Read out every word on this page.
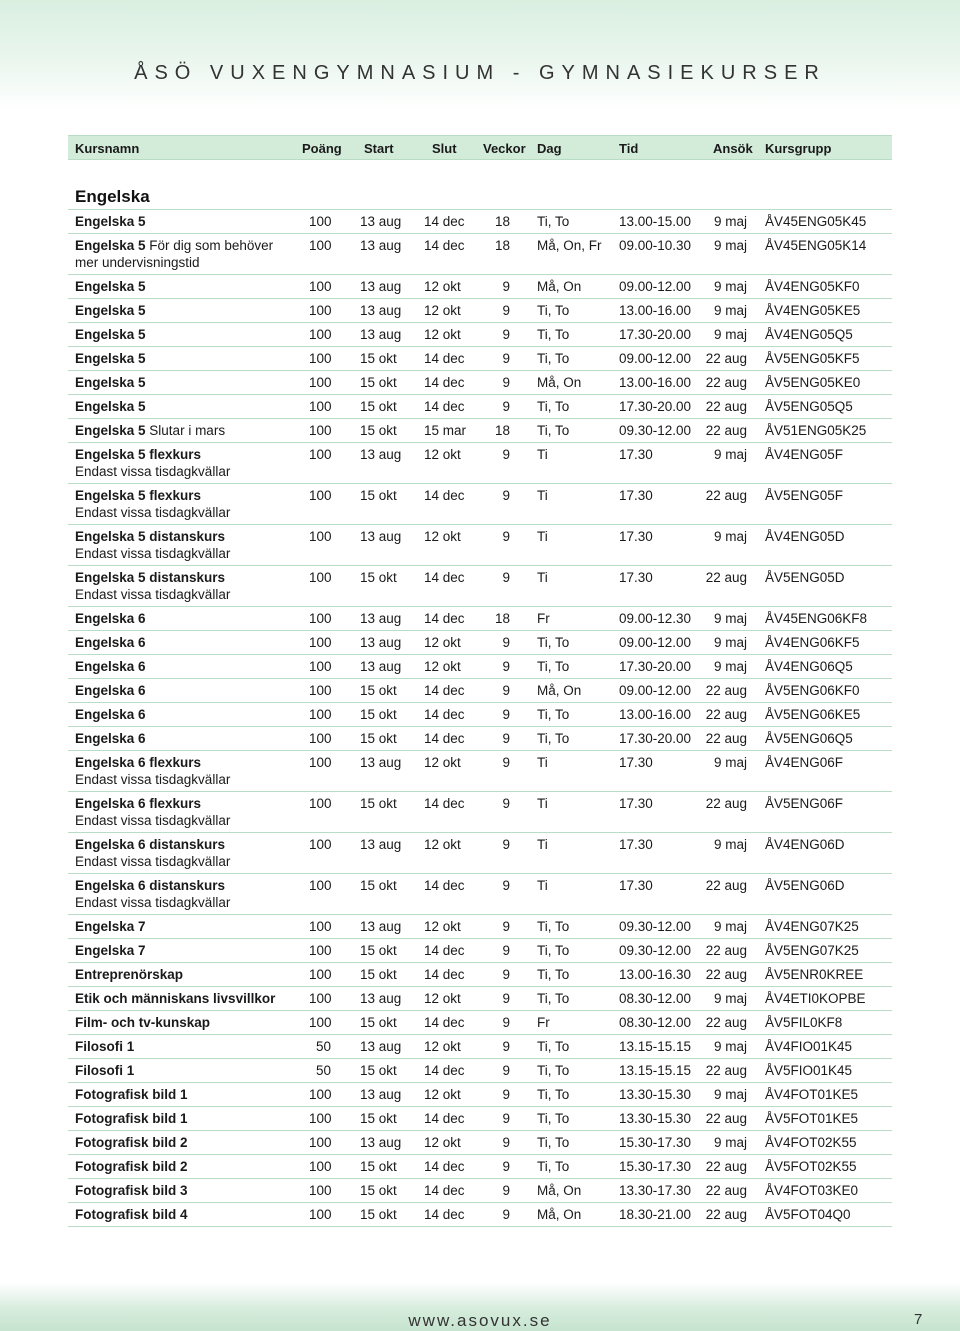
ÅSÖ VUXENGYMNASIUM - GYMNASIEKURSER
Kursnamn	Poäng Start	Slut Veckor Dag	Tid	Ansök Kursgrupp
Engelska
Engelska 5	100 13 aug 14 dec	18 Ti, To	13.00-15.00	9 maj ÅV45ENG05K45
Engelska 5 För dig som behöver
mer undervisningstid
100 13 aug 14 dec	18 Må, On, Fr 09.00-10.30	9 maj ÅV45ENG05K14
Engelska 5	100 13 aug 12 okt	9 Må, On	09.00-12.00	9 maj ÅV4ENG05KF0
Engelska 5	100 13 aug 12 okt	9 Ti, To	13.00-16.00	9 maj ÅV4ENG05KE5
Engelska 5	100 13 aug 12 okt	9 Ti, To	17.30-20.00	9 maj ÅV4ENG05Q5
Engelska 5	100 15 okt 14 dec	9 Ti, To	09.00-12.00	22 aug ÅV5ENG05KF5
Engelska 5	100 15 okt 14 dec	9 Må, On	13.00-16.00	22 aug ÅV5ENG05KE0
Engelska 5	100 15 okt 14 dec	9 Ti, To	17.30-20.00	22 aug ÅV5ENG05Q5
Engelska 5 Slutar i mars	100 15 okt 15 mar	18 Ti, To	09.30-12.00	22 aug ÅV51ENG05K25
Engelska 5 flexkurs
Endast vissa tisdagkvällar
100 13 aug 12 okt	9 Ti	17.30	9 maj ÅV4ENG05F
Engelska 5 flexkurs
Endast vissa tisdagkvällar
100 15 okt 14 dec	9 Ti	17.30	22 aug ÅV5ENG05F
Engelska 5 distanskurs
Endast vissa tisdagkvällar
100 13 aug 12 okt	9 Ti	17.30	9 maj ÅV4ENG05D
Engelska 5 distanskurs
Endast vissa tisdagkvällar
100 15 okt 14 dec	9 Ti	17.30	22 aug ÅV5ENG05D
Engelska 6	100 13 aug 14 dec	18 Fr	09.00-12.30	9 maj ÅV45ENG06KF8
Engelska 6	100 13 aug 12 okt	9 Ti, To	09.00-12.00	9 maj ÅV4ENG06KF5
Engelska 6	100 13 aug 12 okt	9 Ti, To	17.30-20.00	9 maj ÅV4ENG06Q5
Engelska 6	100 15 okt 14 dec	9 Må, On	09.00-12.00	22 aug ÅV5ENG06KF0
Engelska 6	100 15 okt 14 dec	9 Ti, To	13.00-16.00	22 aug ÅV5ENG06KE5
Engelska 6	100 15 okt 14 dec	9 Ti, To	17.30-20.00	22 aug ÅV5ENG06Q5
Engelska 6 flexkurs
Endast vissa tisdagkvällar
100 13 aug 12 okt	9 Ti	17.30	9 maj ÅV4ENG06F
Engelska 6 flexkurs
Endast vissa tisdagkvällar
100 15 okt 14 dec	9 Ti	17.30	22 aug ÅV5ENG06F
Engelska 6 distanskurs
Endast vissa tisdagkvällar
100 13 aug 12 okt	9 Ti	17.30	9 maj ÅV4ENG06D
Engelska 6 distanskurs
Endast vissa tisdagkvällar
100 15 okt 14 dec	9 Ti	17.30	22 aug ÅV5ENG06D
Engelska 7	100 13 aug 12 okt	9 Ti, To	09.30-12.00	9 maj ÅV4ENG07K25
Engelska 7	100 15 okt 14 dec	9 Ti, To	09.30-12.00	22 aug ÅV5ENG07K25
Entreprenörskap	100 15 okt 14 dec	9 Ti, To	13.00-16.30	22 aug ÅV5ENR0KREE
Etik och människans livsvillkor 100 13 aug 12 okt	9 Ti, To	08.30-12.00	9 maj ÅV4ETI0KOPBE
Film- och tv-kunskap	100 15 okt 14 dec	9 Fr	08.30-12.00	22 aug ÅV5FIL0KF8
Filosofi 1	50 13 aug 12 okt	9 Ti, To	13.15-15.15	9 maj ÅV4FIO01K45
Filosofi 1	50 15 okt 14 dec	9 Ti, To	13.15-15.15	22 aug ÅV5FIO01K45
Fotografisk bild 1	100 13 aug 12 okt	9 Ti, To	13.30-15.30	9 maj ÅV4FOT01KE5
Fotografisk bild 1	100 15 okt 14 dec	9 Ti, To	13.30-15.30	22 aug ÅV5FOT01KE5
Fotografisk bild 2	100 13 aug 12 okt	9 Ti, To	15.30-17.30	9 maj ÅV4FOT02K55
Fotografisk bild 2	100 15 okt 14 dec	9 Ti, To	15.30-17.30	22 aug ÅV5FOT02K55
Fotografisk bild 3	100 15 okt 14 dec	9 Må, On	13.30-17.30	22 aug ÅV4FOT03KE0
Fotografisk bild 4	100 15 okt 14 dec	9 Må, On	18.30-21.00	22 aug ÅV5FOT04Q0
www.asovux.se	7
